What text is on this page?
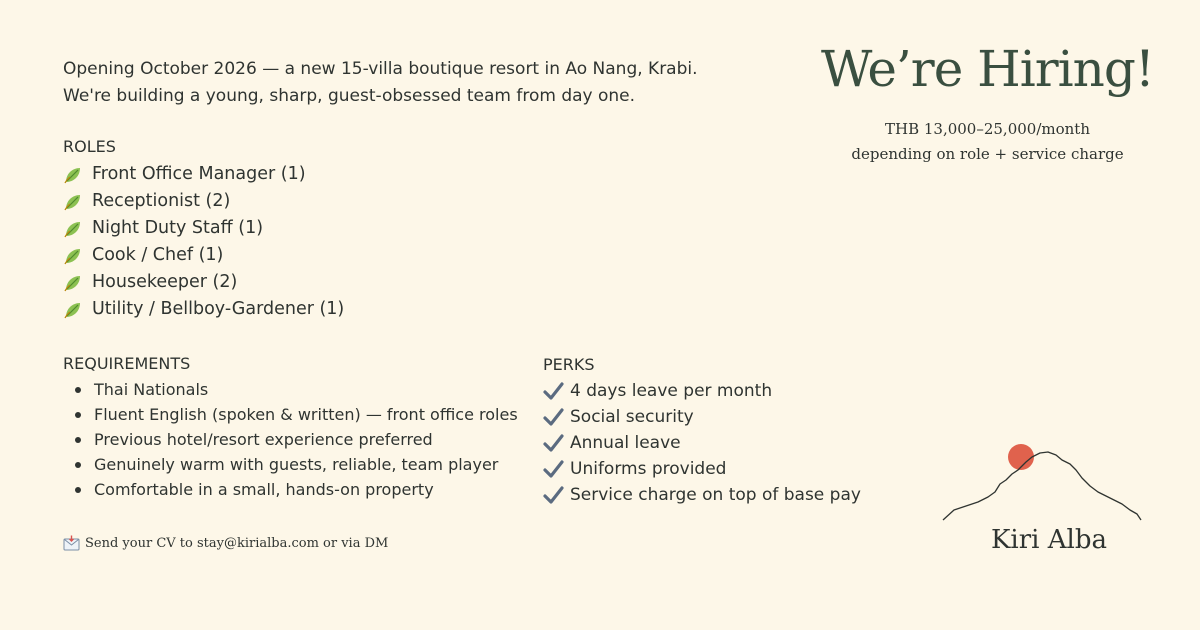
Opening October 2026 — a new 15-villa boutique resort in Ao Nang, Krabi.
We're building a young, sharp, guest-obsessed team from day one.
ROLES
Front Office Manager (1)
Receptionist (2)
Night Duty Staff (1)
Cook / Chef (1)
Housekeeper (2)
Utility / Bellboy-Gardener (1)
REQUIREMENTS
Thai Nationals
Fluent English (spoken & written) — front office roles
Previous hotel/resort experience preferred
Genuinely warm with guests, reliable, team player
Comfortable in a small, hands-on property
PERKS
4 days leave per month
Social security
Annual leave
Uniforms provided
Service charge on top of base pay
Send your CV to stay@kirialba.com or via DM
We’re Hiring!
THB 13,000–25,000/month
depending on role + service charge
Kiri Alba
